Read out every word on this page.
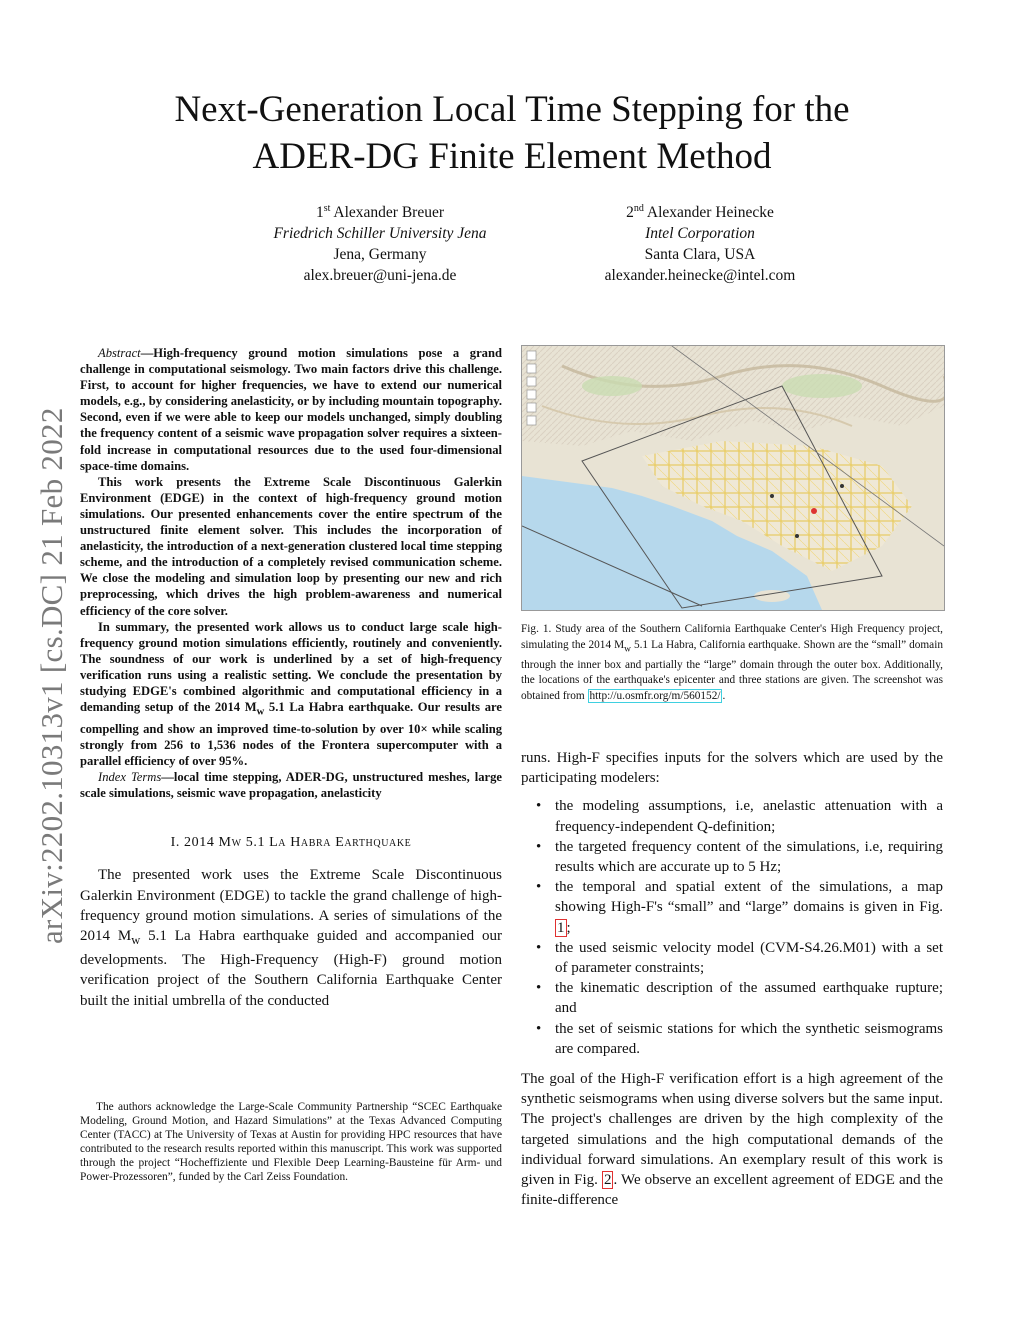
Next-Generation Local Time Stepping for the
ADER-DG Finite Element Method
1st Alexander Breuer
Friedrich Schiller University Jena
Jena, Germany
alex.breuer@uni-jena.de
2nd Alexander Heinecke
Intel Corporation
Santa Clara, USA
alexander.heinecke@intel.com
arXiv:2202.10313v1 [cs.DC] 21 Feb 2022

Abstract—High-frequency ground motion simulations pose a grand challenge in computational seismology. Two main factors drive this challenge. First, to account for higher frequencies, we have to extend our numerical models, e.g., by considering anelasticity, or by including mountain topography. Second, even if we were able to keep our models unchanged, simply doubling the frequency content of a seismic wave propagation solver requires a sixteen-fold increase in computational resources due to the used four-dimensional space-time domains.

This work presents the Extreme Scale Discontinuous Galerkin Environment (EDGE) in the context of high-frequency ground motion simulations. Our presented enhancements cover the entire spectrum of the unstructured finite element solver. This includes the incorporation of anelasticity, the introduction of a next-generation clustered local time stepping scheme, and the introduction of a completely revised communication scheme. We close the modeling and simulation loop by presenting our new and rich preprocessing, which drives the high problem-awareness and numerical efficiency of the core solver.

In summary, the presented work allows us to conduct large scale high-frequency ground motion simulations efficiently, routinely and conveniently. The soundness of our work is underlined by a set of high-frequency verification runs using a realistic setting. We conclude the presentation by studying EDGE's combined algorithmic and computational efficiency in a demanding setup of the 2014 $M_w$ 5.1 La Habra earthquake. Our results are compelling and show an improved time-to-solution by over 10× while scaling strongly from 256 to 1,536 nodes of the Frontera supercomputer with a parallel efficiency of over 95%.

Index Terms—local time stepping, ADER-DG, unstructured meshes, large scale simulations, seismic wave propagation, anelasticity

I. 2014 Mw 5.1 La Habra Earthquake

The presented work uses the Extreme Scale Discontinuous Galerkin Environment (EDGE) to tackle the grand challenge of high-frequency ground motion simulations. A series of simulations of the 2014 $M_w$ 5.1 La Habra earthquake guided and accompanied our developments. The High-Frequency (High-F) ground motion verification project of the Southern California Earthquake Center built the initial umbrella of the conducted

The authors acknowledge the Large-Scale Community Partnership “SCEC Earthquake Modeling, Ground Motion, and Hazard Simulations” at the Texas Advanced Computing Center (TACC) at The University of Texas at Austin for providing HPC resources that have contributed to the research results reported within this manuscript. This work was supported through the project “Hocheffiziente und Flexible Deep Learning-Bausteine für Arm- und Power-Prozessoren”, funded by the Carl Zeiss Foundation.
Fig. 1. Study area of the Southern California Earthquake Center's High Frequency project, simulating the 2014 $M_w$ 5.1 La Habra, California earthquake. Shown are the “small” domain through the inner box and partially the “large” domain through the outer box. Additionally, the locations of the earthquake's epicenter and three stations are given. The screenshot was obtained from http://u.osmfr.org/m/560152/ .

runs. High-F specifies inputs for the solvers which are used by the participating modelers:

• the modeling assumptions, i.e, anelastic attenuation with a frequency-independent Q-definition;
• the targeted frequency content of the simulations, i.e, requiring results which are accurate up to 5 Hz;
• the temporal and spatial extent of the simulations, a map showing High-F's “small” and “large” domains is given in Fig. 1 ;
• the used seismic velocity model (CVM-S4.26.M01) with a set of parameter constraints;
• the kinematic description of the assumed earthquake rupture; and
• the set of seismic stations for which the synthetic seismograms are compared.

The goal of the High-F verification effort is a high agreement of the synthetic seismograms when using diverse solvers but the same input. The project's challenges are driven by the high complexity of the targeted simulations and the high computational demands of the individual forward simulations. An exemplary result of this work is given in Fig. 2 . We observe an excellent agreement of EDGE and the finite-difference
